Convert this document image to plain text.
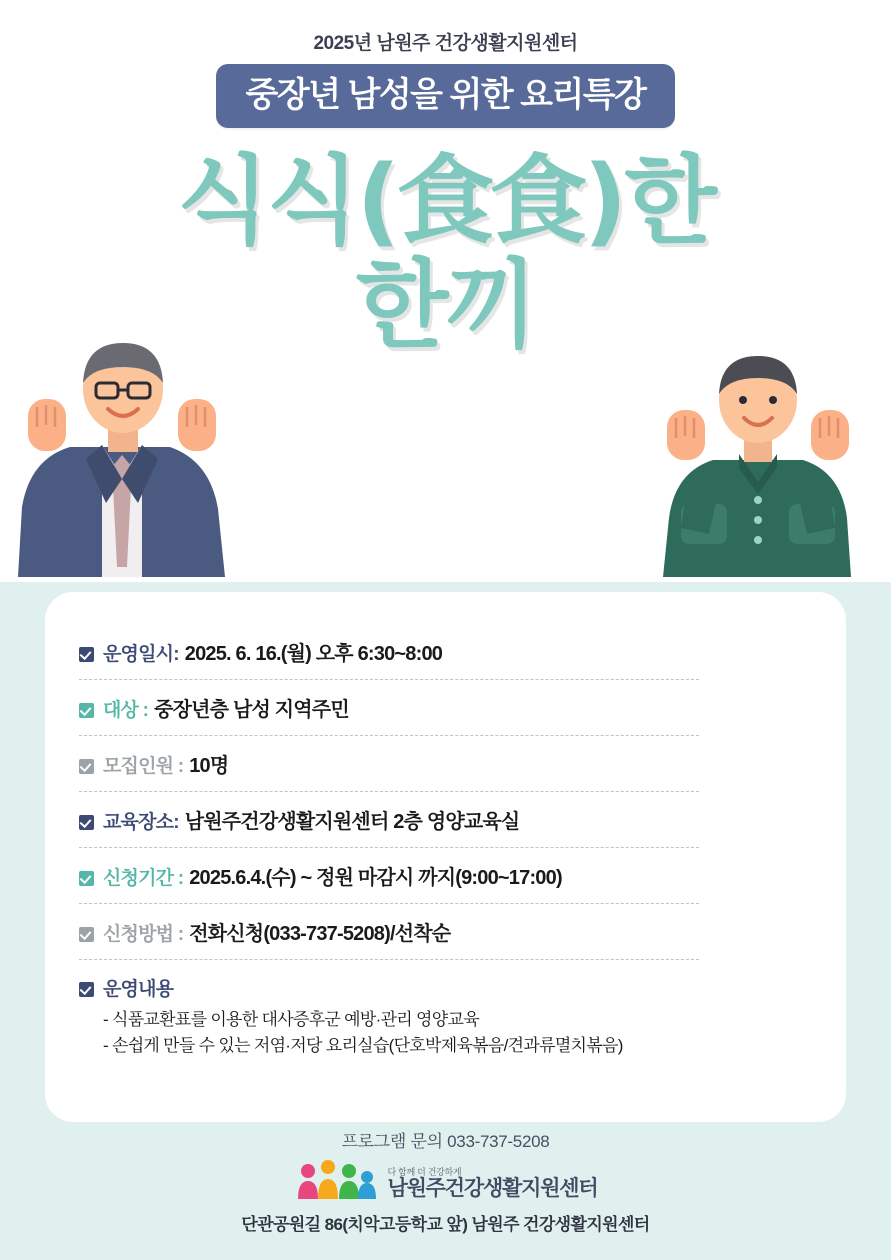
2025년 남원주 건강생활지원센터
중장년 남성을 위한 요리특강
식식(食食)한
한끼
운영일시: 2025. 6. 16.(월) 오후 6:30~8:00
대상 : 중장년층 남성 지역주민
모집인원 : 10명
교육장소: 남원주건강생활지원센터 2층 영양교육실
신청기간 : 2025.6.4.(수) ~ 정원 마감시 까지(9:00~17:00)
신청방법 : 전화신청(033-737-5208)/선착순
운영내용
- 식품교환표를 이용한 대사증후군 예방·관리 영양교육
- 손쉽게 만들 수 있는 저염·저당 요리실습(단호박제육볶음/견과류멸치볶음)
프로그램 문의 033-737-5208
다 함께 더 건강하게
남원주건강생활지원센터
단관공원길 86(치악고등학교 앞) 남원주 건강생활지원센터
